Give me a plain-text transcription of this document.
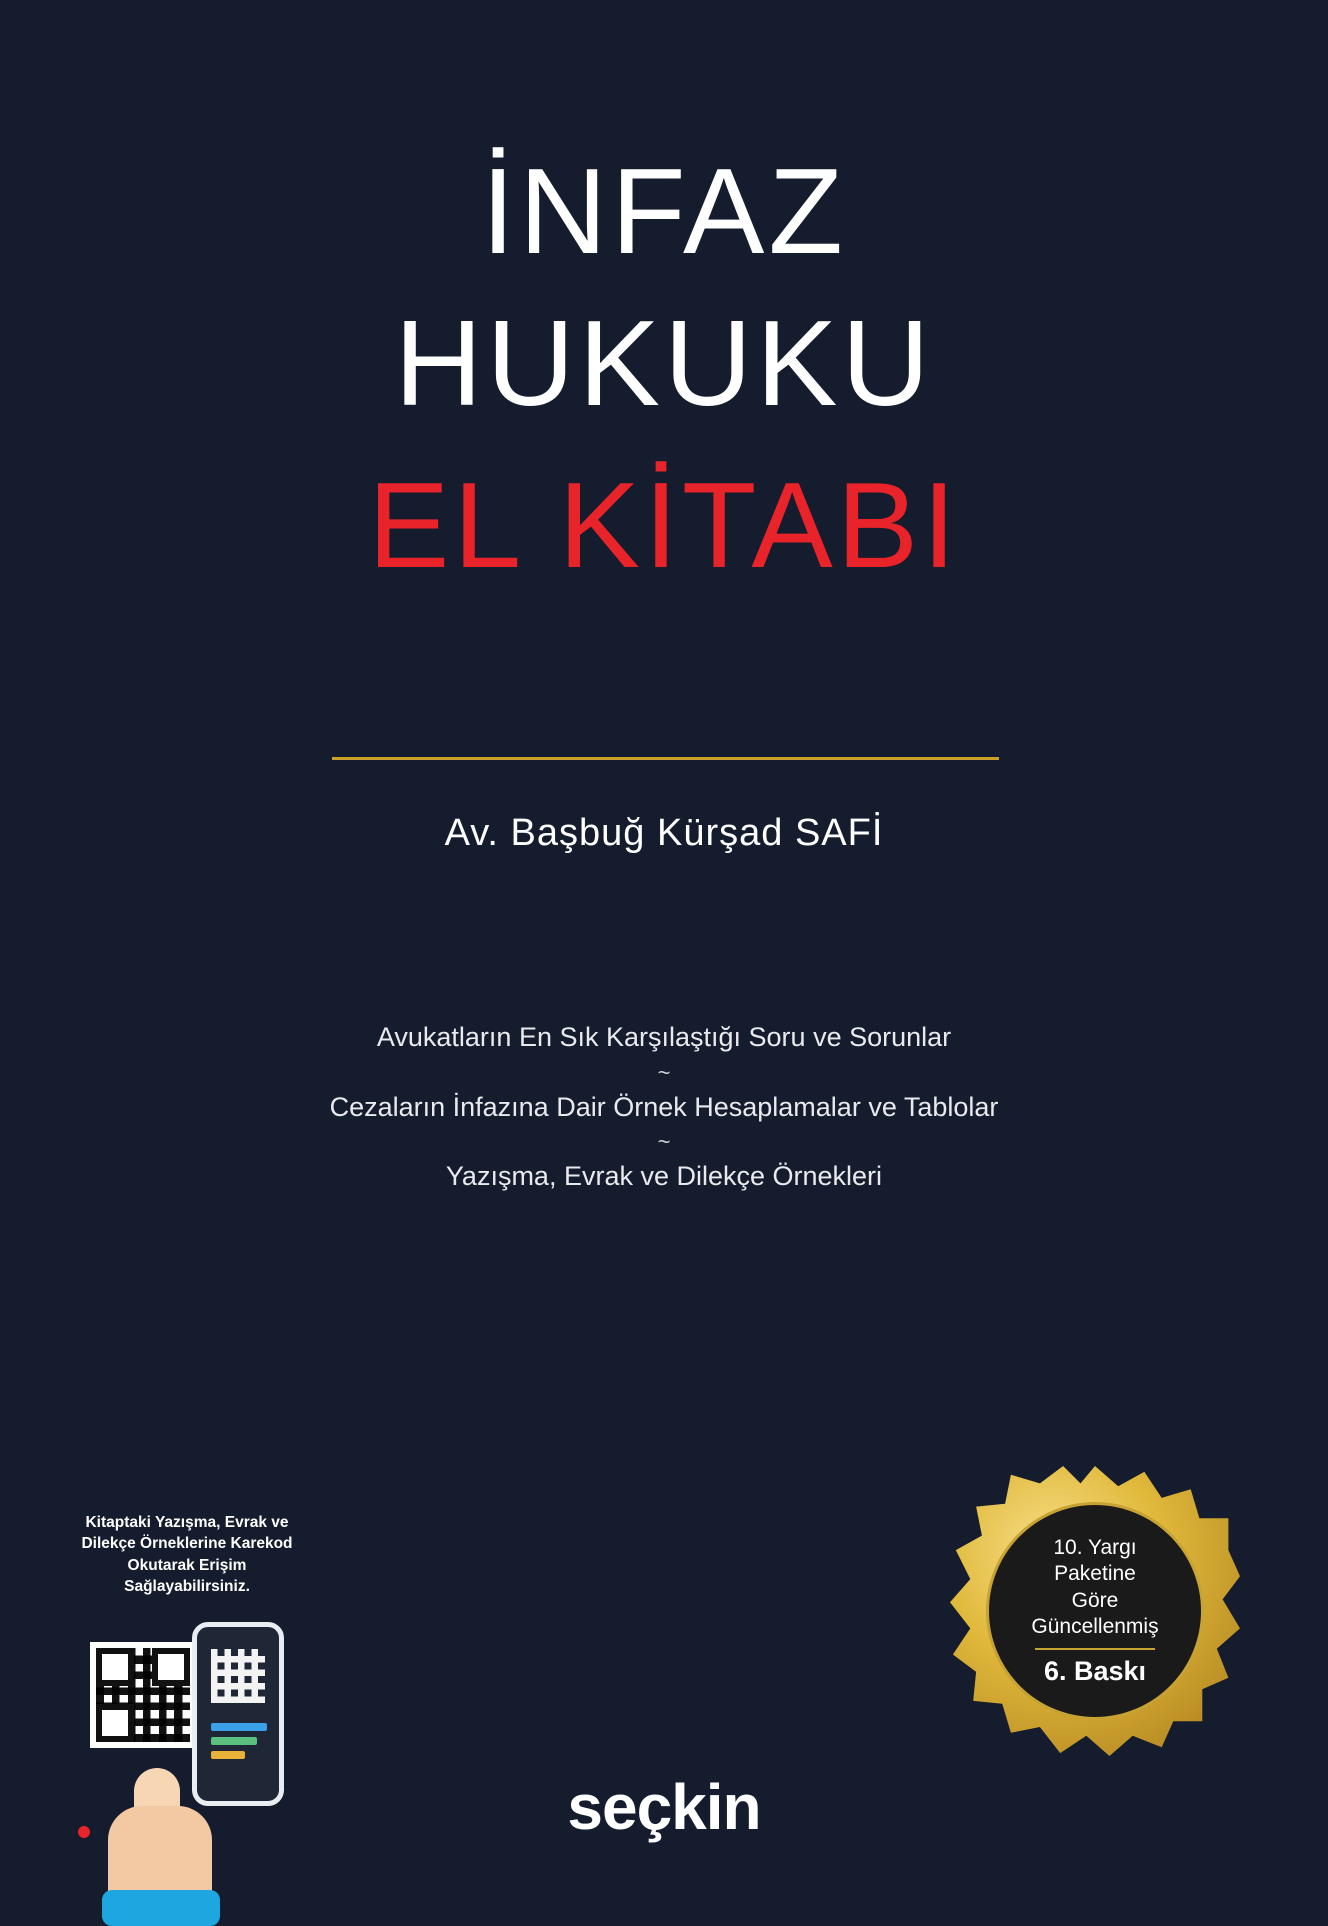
İNFAZ
HUKUKU
EL KİTABI
Av. Başbuğ Kürşad SAFİ

Avukatların En Sık Karşılaştığı Soru ve Sorunlar

~

Cezaların İnfazına Dair Örnek Hesaplamalar ve Tablolar

~

Yazışma, Evrak ve Dilekçe Örnekleri

Kitaptaki Yazışma, Evrak ve Dilekçe Örneklerine Karekod Okutarak Erişim Sağlayabilirsiniz.

10. Yargı

Paketine

Göre

Güncellenmiş

6. Baskı

seçkin
